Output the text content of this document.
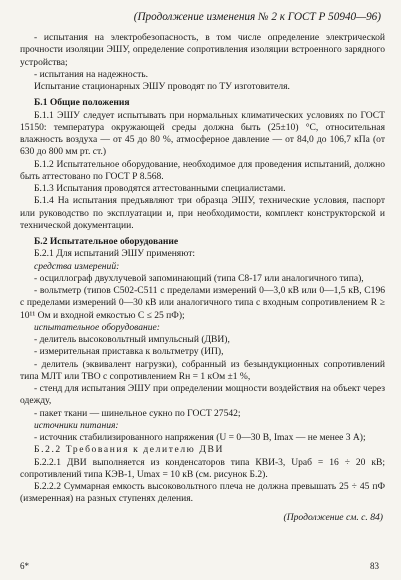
(Продолжение изменения № 2 к ГОСТ Р 50940—96)

- испытания на электробезопасность, в том числе определение электрической прочности изоляции ЭШУ, определение сопротивления изоляции встроенного зарядного устройства;

- испытания на надежность.

Испытание стационарных ЭШУ проводят по ТУ изготовителя.

Б.1 Общие положения

Б.1.1 ЭШУ следует испытывать при нормальных климатических условиях по ГОСТ 15150: температура окружающей среды должна быть (25±10) °С, относительная влажность воздуха — от 45 до 80 %, атмосферное давление — от 84,0 до 106,7 кПа (от 630 до 800 мм рт. ст.)

Б.1.2 Испытательное оборудование, необходимое для проведения испытаний, должно быть аттестовано по ГОСТ Р 8.568.

Б.1.3 Испытания проводятся аттестованными специалистами.

Б.1.4 На испытания предъявляют три образца ЭШУ, технические условия, паспорт или руководство по эксплуатации и, при необходимости, комплект конструкторской и технической документации.

Б.2 Испытательное оборудование

Б.2.1 Для испытаний ЭШУ применяют:

средства измерений:

- осциллограф двухлучевой запоминающий (типа С8-17 или аналогичного типа),

- вольтметр (типов С502-С511 с пределами измерений 0—3,0 кВ или 0—1,5 кВ, С196 с пределами измерений 0—30 кВ или аналогичного типа с входным сопротивлением R ≥ 10¹¹ Ом и входной емкостью С ≤ 25 пФ);

испытательное оборудование:

- делитель высоковольтный импульсный (ДВИ),

- измерительная приставка к вольтметру (ИП),

- делитель (эквивалент нагрузки), собранный из безындукционных сопротивлений типа МЛТ или ТВО с сопротивлением Rн = 1 кОм ±1 %,

- стенд для испытания ЭШУ при определении мощности воздействия на объект через одежду,

- пакет ткани — шинельное сукно по ГОСТ 27542;

источники питания:

- источник стабилизированного напряжения (U = 0—30 В, Imax — не менее 3 А);

Б.2.2 Требования к делителю ДВИ

Б.2.2.1 ДВИ выполняется из конденсаторов типа КВИ-3, Uраб = 16 ÷ 20 кВ; сопротивлений типа КЭВ-1, Umax = 10 кВ (см. рисунок Б.2).

Б.2.2.2 Суммарная емкость высоковольтного плеча не должна превышать 25 ÷ 45 пФ (измеренная) на разных ступенях деления.

(Продолжение см. с. 84)
6*	83
